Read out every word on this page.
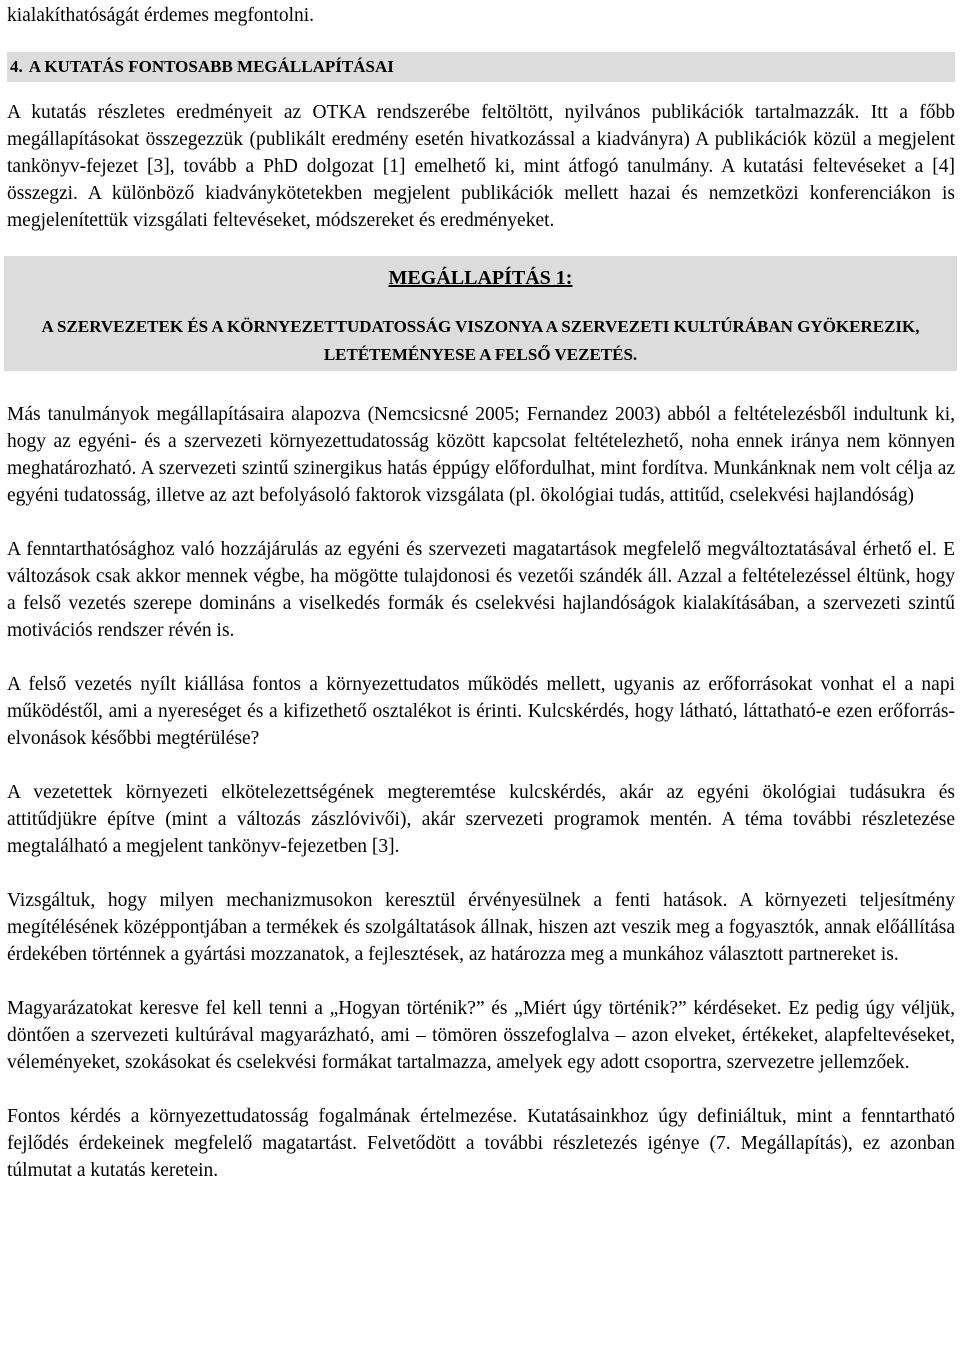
kialakíthatóságát érdemes megfontolni.

4. A KUTATÁS FONTOSABB MEGÁLLAPÍTÁSAI

A kutatás részletes eredményeit az OTKA rendszerébe feltöltött, nyilvános publikációk tartalmazzák. Itt a főbb megállapításokat összegezzük (publikált eredmény esetén hivatkozással a kiadványra) A publikációk közül a megjelent tankönyv-fejezet [3], tovább a PhD dolgozat [1] emelhető ki, mint átfogó tanulmány. A kutatási feltevéseket a [4] összegzi. A különböző kiadványkötetekben megjelent publikációk mellett hazai és nemzetközi konferenciákon is megjelenítettük vizsgálati feltevéseket, módszereket és eredményeket.

MEGÁLLAPÍTÁS 1:
A SZERVEZETEK ÉS A KÖRNYEZETTUDATOSSÁG VISZONYA A SZERVEZETI KULTÚRÁBAN GYÖKEREZIK, LETÉTEMÉNYESE A FELSŐ VEZETÉS.

Más tanulmányok megállapításaira alapozva (Nemcsicsné 2005; Fernandez 2003) abból a feltételezésből indultunk ki, hogy az egyéni- és a szervezeti környezettudatosság között kapcsolat feltételezhető, noha ennek iránya nem könnyen meghatározható. A szervezeti szintű szinergikus hatás éppúgy előfordulhat, mint fordítva. Munkánknak nem volt célja az egyéni tudatosság, illetve az azt befolyásoló faktorok vizsgálata (pl. ökológiai tudás, attitűd, cselekvési hajlandóság)

A fenntarthatósághoz való hozzájárulás az egyéni és szervezeti magatartások megfelelő megváltoztatásával érhető el. E változások csak akkor mennek végbe, ha mögötte tulajdonosi és vezetői szándék áll. Azzal a feltételezéssel éltünk, hogy a felső vezetés szerepe domináns a viselkedés formák és cselekvési hajlandóságok kialakításában, a szervezeti szintű motivációs rendszer révén is.

A felső vezetés nyílt kiállása fontos a környezettudatos működés mellett, ugyanis az erőforrásokat vonhat el a napi működéstől, ami a nyereséget és a kifizethető osztalékot is érinti. Kulcskérdés, hogy látható, láttatható-e ezen erőforrás-elvonások későbbi megtérülése?

A vezetettek környezeti elkötelezettségének megteremtése kulcskérdés, akár az egyéni ökológiai tudásukra és attitűdjükre építve (mint a változás zászlóvivői), akár szervezeti programok mentén. A téma további részletezése megtalálható a megjelent tankönyv-fejezetben [3].

Vizsgáltuk, hogy milyen mechanizmusokon keresztül érvényesülnek a fenti hatások. A környezeti teljesítmény megítélésének középpontjában a termékek és szolgáltatások állnak, hiszen azt veszik meg a fogyasztók, annak előállítása érdekében történnek a gyártási mozzanatok, a fejlesztések, az határozza meg a munkához választott partnereket is.

Magyarázatokat keresve fel kell tenni a „Hogyan történik?” és „Miért úgy történik?” kérdéseket. Ez pedig úgy véljük, döntően a szervezeti kultúrával magyarázható, ami – tömören összefoglalva – azon elveket, értékeket, alapfeltevéseket, véleményeket, szokásokat és cselekvési formákat tartalmazza, amelyek egy adott csoportra, szervezetre jellemzőek.

Fontos kérdés a környezettudatosság fogalmának értelmezése. Kutatásainkhoz úgy definiáltuk, mint a fenntartható fejlődés érdekeinek megfelelő magatartást. Felvetődött a további részletezés igénye (7. Megállapítás), ez azonban túlmutat a kutatás keretein.
